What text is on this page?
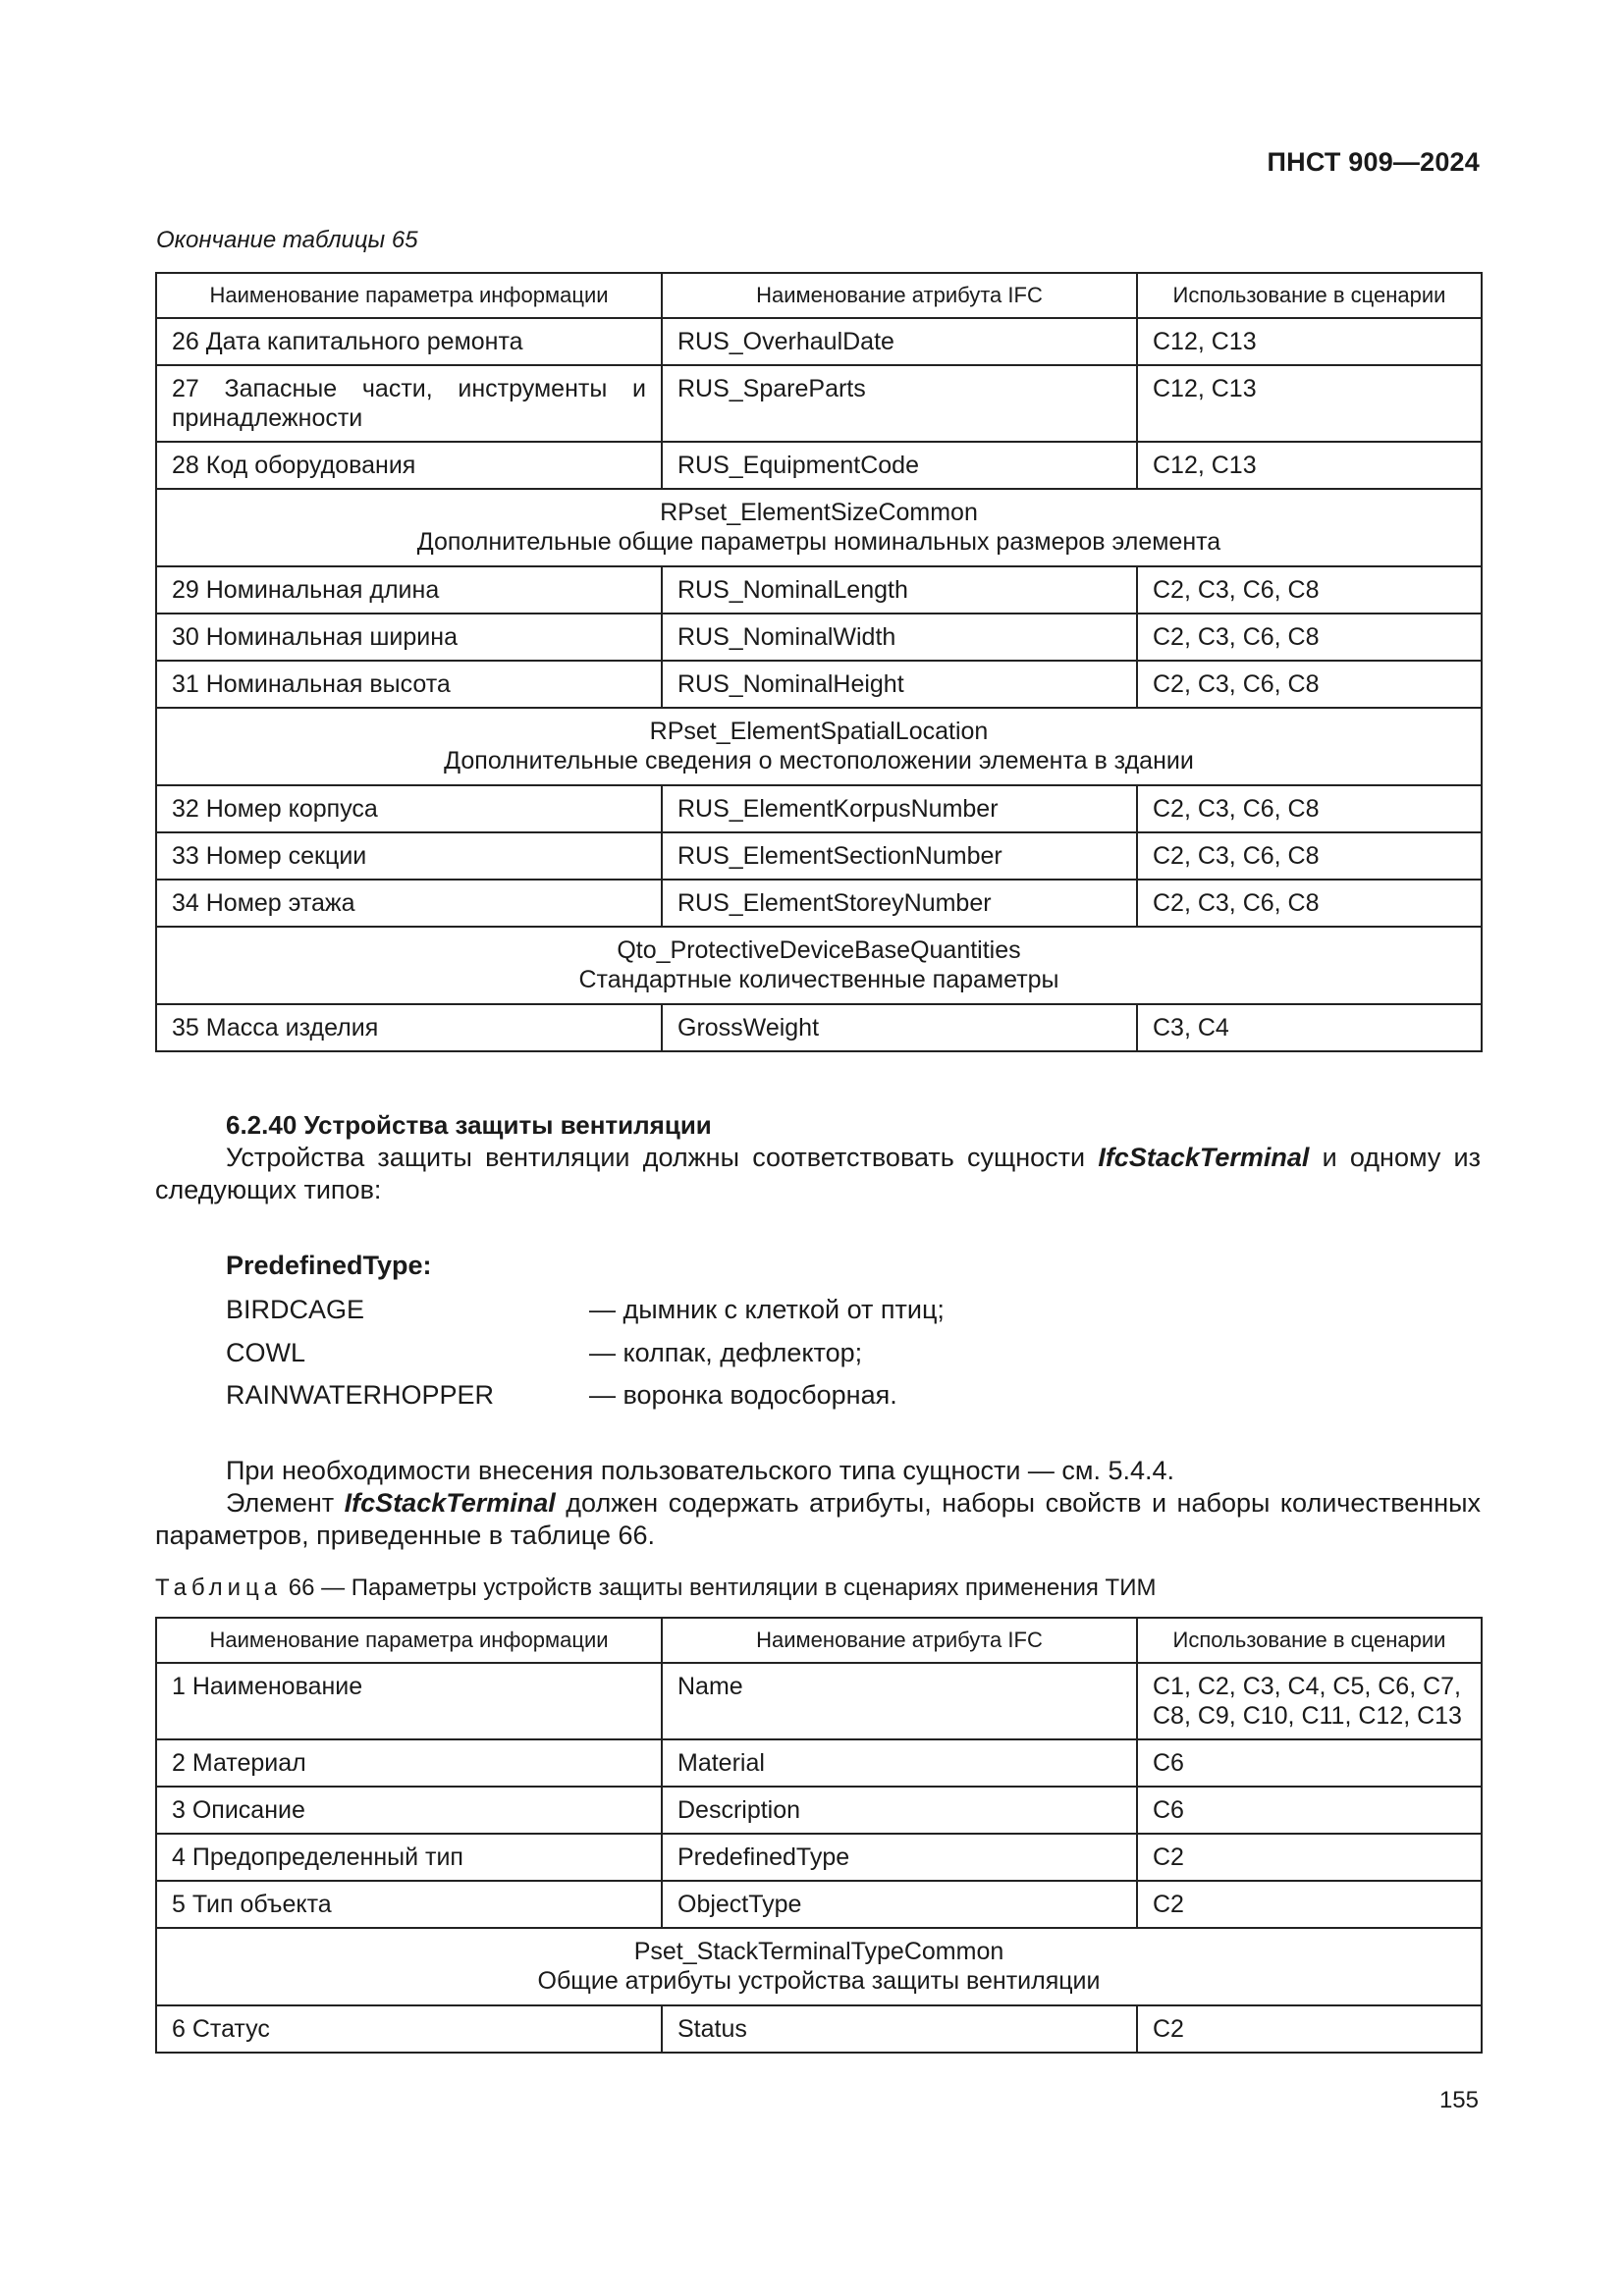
ПНСТ 909—2024
Окончание таблицы 65
Наименование параметра информации	Наименование атрибута IFC	Использование в сценарии
26 Дата капитального ремонта	RUS_OverhaulDate	C12, C13
27 Запасные части, инструменты и принадлежности	RUS_SpareParts	C12, C13
28 Код оборудования	RUS_EquipmentCode	C12, C13

RPset_ElementSizeCommon
Дополнительные общие параметры номинальных размеров элемента		

29 Номинальная длина	RUS_NominalLength	C2, C3, C6, C8
30 Номинальная ширина	RUS_NominalWidth	C2, C3, C6, C8
31 Номинальная высота	RUS_NominalHeight	C2, C3, C6, C8

RPset_ElementSpatialLocation
Дополнительные сведения о местоположении элемента в здании		

32 Номер корпуса	RUS_ElementKorpusNumber	C2, C3, C6, C8
33 Номер секции	RUS_ElementSectionNumber	C2, C3, C6, C8
34 Номер этажа	RUS_ElementStoreyNumber	C2, C3, C6, C8

Qto_ProtectiveDeviceBaseQuantities
Стандартные количественные параметры		

35 Масса изделия	GrossWeight	C3, C4
6.2.40 Устройства защиты вентиляции
Устройства защиты вентиляции должны соответствовать сущности IfcStackTerminal и одному из следующих типов:
PredefinedType:
BIRDCAGE	— дымник с клеткой от птиц;
COWL	— колпак, дефлектор;
RAINWATERHOPPER	— воронка водосборная.
При необходимости внесения пользовательского типа сущности — см. 5.4.4.
Элемент IfcStackTerminal должен содержать атрибуты, наборы свойств и наборы количественных параметров, приведенные в таблице 66.
Таблица 66 — Параметры устройств защиты вентиляции в сценариях применения ТИМ
Наименование параметра информации	Наименование атрибута IFC	Использование в сценарии
1 Наименование	Name	C1, C2, C3, C4, C5, C6, C7, C8, C9, C10, C11, C12, C13
2 Материал	Material	C6
3 Описание	Description	C6
4 Предопределенный тип	PredefinedType	C2
5 Тип объекта	ObjectType	C2

Pset_StackTerminalTypeCommon
Общие атрибуты устройства защиты вентиляции		

6 Статус	Status	C2
155
